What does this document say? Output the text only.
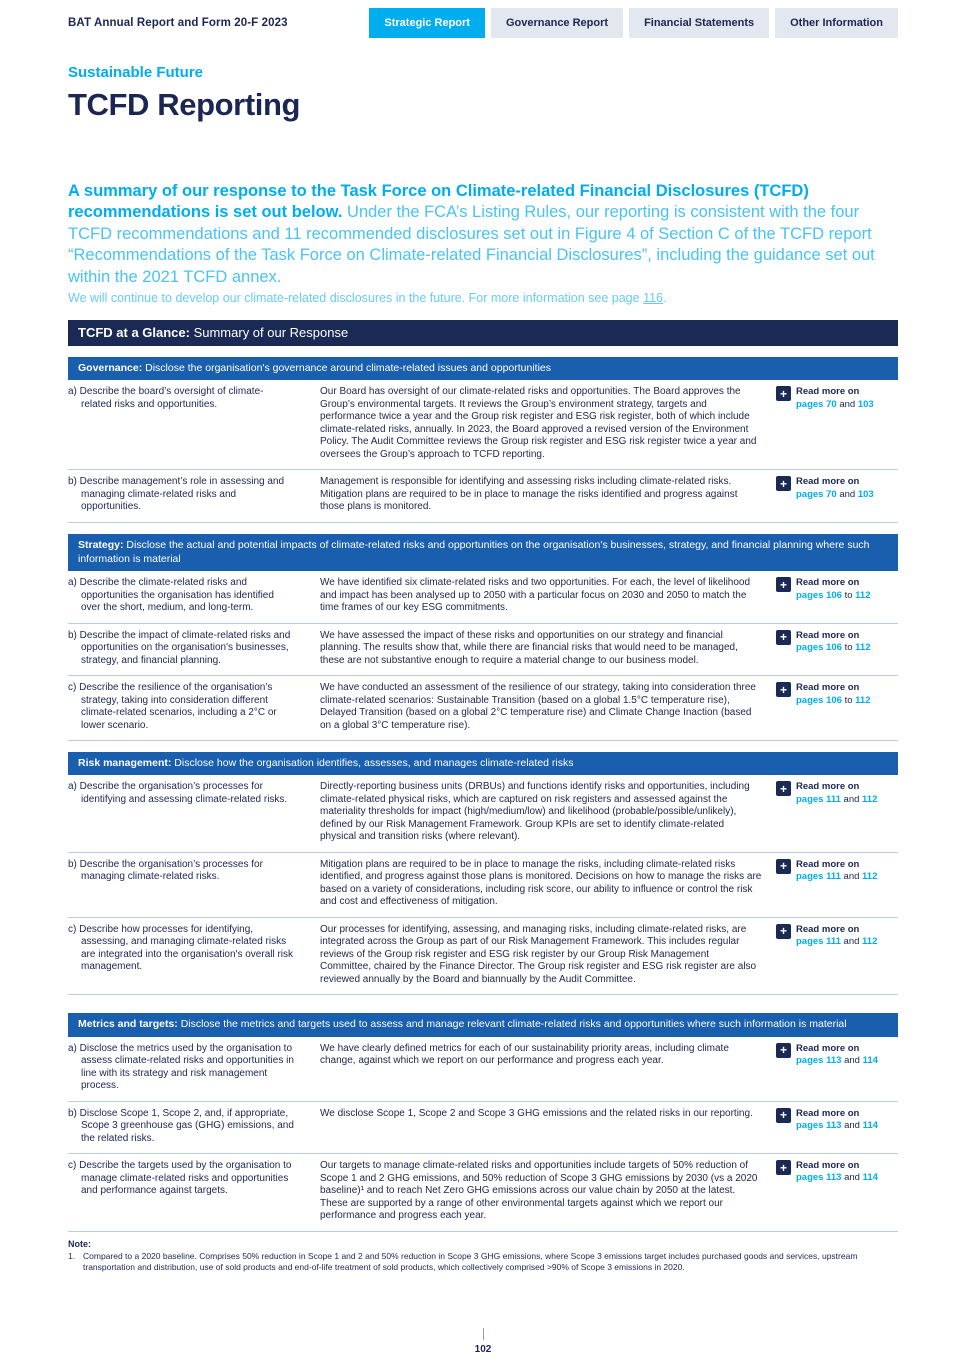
BAT Annual Report and Form 20-F 2023	Strategic Report	Governance Report	Financial Statements	Other Information
Sustainable Future
TCFD Reporting

A summary of our response to the Task Force on Climate-related Financial Disclosures (TCFD) recommendations is set out below. Under the FCA’s Listing Rules, our reporting is consistent with the four TCFD recommendations and 11 recommended disclosures set out in Figure 4 of Section C of the TCFD report “Recommendations of the Task Force on Climate-related Financial Disclosures”, including the guidance set out within the 2021 TCFD annex.

We will continue to develop our climate-related disclosures in the future. For more information see page 116.

TCFD at a Glance: Summary of our Response
Governance: Disclose the organisation's governance around climate-related issues and opportunities
a) Describe the board’s oversight of climate-related risks and opportunities.
Our Board has oversight of our climate-related risks and opportunities. The Board approves the Group’s environmental targets. It reviews the Group’s environment strategy, targets and performance twice a year and the Group risk register and ESG risk register, both of which include climate-related risks, annually. In 2023, the Board approved a revised version of the Environment Policy. The Audit Committee reviews the Group risk register and ESG risk register twice a year and oversees the Group’s approach to TCFD reporting.
+ Read more on
pages 70 and 103
b) Describe management’s role in assessing and managing climate-related risks and opportunities.
Management is responsible for identifying and assessing risks including climate-related risks. Mitigation plans are required to be in place to manage the risks identified and progress against those plans is monitored.
+ Read more on
pages 70 and 103
Strategy: Disclose the actual and potential impacts of climate-related risks and opportunities on the organisation's businesses, strategy, and financial planning where such information is material
a) Describe the climate-related risks and opportunities the organisation has identified over the short, medium, and long-term.
We have identified six climate-related risks and two opportunities. For each, the level of likelihood and impact has been analysed up to 2050 with a particular focus on 2030 and 2050 to match the time frames of our key ESG commitments.
+ Read more on
pages 106 to 112
b) Describe the impact of climate-related risks and opportunities on the organisation's businesses, strategy, and financial planning.
We have assessed the impact of these risks and opportunities on our strategy and financial planning. The results show that, while there are financial risks that would need to be managed, these are not substantive enough to require a material change to our business model.
+ Read more on
pages 106 to 112
c) Describe the resilience of the organisation’s strategy, taking into consideration different climate-related scenarios, including a 2°C or lower scenario.
We have conducted an assessment of the resilience of our strategy, taking into consideration three climate-related scenarios: Sustainable Transition (based on a global 1.5°C temperature rise), Delayed Transition (based on a global 2°C temperature rise) and Climate Change Inaction (based on a global 3°C temperature rise).
+ Read more on
pages 106 to 112
Risk management: Disclose how the organisation identifies, assesses, and manages climate-related risks
a) Describe the organisation’s processes for identifying and assessing climate-related risks.
Directly-reporting business units (DRBUs) and functions identify risks and opportunities, including climate-related physical risks, which are captured on risk registers and assessed against the materiality thresholds for impact (high/medium/low) and likelihood (probable/possible/unlikely), defined by our Risk Management Framework. Group KPIs are set to identify climate-related physical and transition risks (where relevant).
+ Read more on
pages 111 and 112
b) Describe the organisation’s processes for managing climate-related risks.
Mitigation plans are required to be in place to manage the risks, including climate-related risks identified, and progress against those plans is monitored. Decisions on how to manage the risks are based on a variety of considerations, including risk score, our ability to influence or control the risk and cost and effectiveness of mitigation.
+ Read more on
pages 111 and 112
c) Describe how processes for identifying, assessing, and managing climate-related risks are integrated into the organisation's overall risk management.
Our processes for identifying, assessing, and managing risks, including climate-related risks, are integrated across the Group as part of our Risk Management Framework. This includes regular reviews of the Group risk register and ESG risk register by our Group Risk Management Committee, chaired by the Finance Director. The Group risk register and ESG risk register are also reviewed annually by the Board and biannually by the Audit Committee.
+ Read more on
pages 111 and 112
Metrics and targets: Disclose the metrics and targets used to assess and manage relevant climate-related risks and opportunities where such information is material
a) Disclose the metrics used by the organisation to assess climate-related risks and opportunities in line with its strategy and risk management process.
We have clearly defined metrics for each of our sustainability priority areas, including climate change, against which we report on our performance and progress each year.
+ Read more on
pages 113 and 114
b) Disclose Scope 1, Scope 2, and, if appropriate, Scope 3 greenhouse gas (GHG) emissions, and the related risks.
We disclose Scope 1, Scope 2 and Scope 3 GHG emissions and the related risks in our reporting.	+ Read more on
pages 113 and 114
c) Describe the targets used by the organisation to manage climate-related risks and opportunities and performance against targets.
Our targets to manage climate-related risks and opportunities include targets of 50% reduction of Scope 1 and 2 GHG emissions, and 50% reduction of Scope 3 GHG emissions by 2030 (vs a 2020 baseline)¹ and to reach Net Zero GHG emissions across our value chain by 2050 at the latest. These are supported by a range of other environmental targets against which we report our performance and progress each year.
+ Read more on
pages 113 and 114
Note:
1. Compared to a 2020 baseline. Comprises 50% reduction in Scope 1 and 2 and 50% reduction in Scope 3 GHG emissions, where Scope 3 emissions target includes purchased goods and services, upstream transportation and distribution, use of sold products and end-of-life treatment of sold products, which collectively comprised >90% of Scope 3 emissions in 2020.
102
